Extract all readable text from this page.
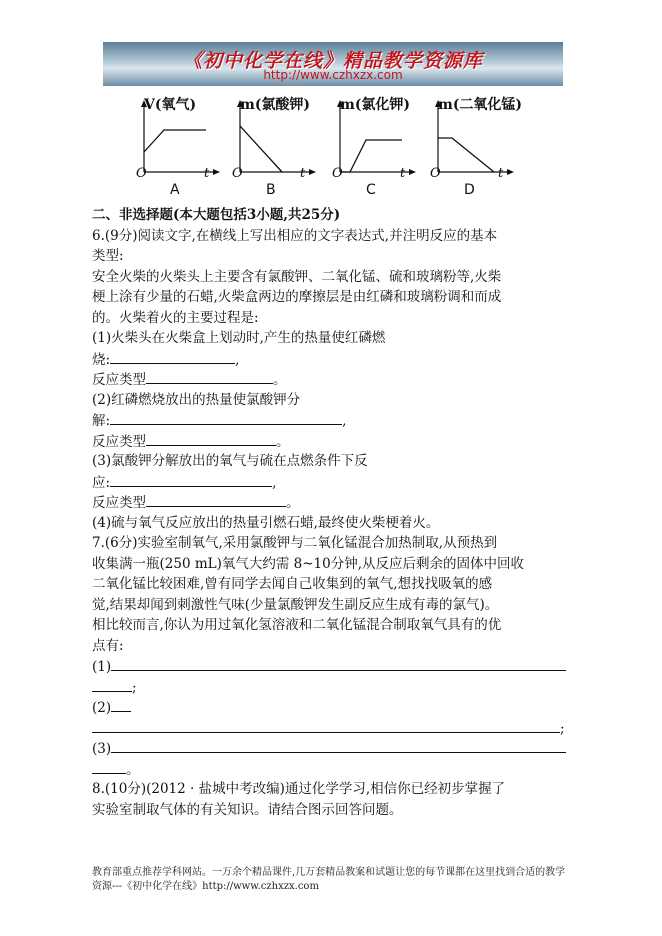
《初中化学在线》精品教学资源库
http://www.czhxzx.com
V(氧气)
O	t
A
m(氯酸钾)
O	t
B
m(氯化钾)
O	t
C
m(二氧化锰)
O	t
D
二、非选择题(本大题包括3小题,共25分)
6.(9分)阅读文字,在横线上写出相应的文字表达式,并注明反应的基本
类型:
安全火柴的火柴头上主要含有氯酸钾、二氧化锰、硫和玻璃粉等,火柴
梗上涂有少量的石蜡,火柴盒两边的摩擦层是由红磷和玻璃粉调和而成
的。火柴着火的主要过程是:
(1)火柴头在火柴盒上划动时,产生的热量使红磷燃
烧:	,
反应类型	。
(2)红磷燃烧放出的热量使氯酸钾分
解:	,
反应类型	。
(3)氯酸钾分解放出的氧气与硫在点燃条件下反
应:	,
反应类型	。
(4)硫与氧气反应放出的热量引燃石蜡,最终使火柴梗着火。
7.(6分)实验室制氧气,采用氯酸钾与二氧化锰混合加热制取,从预热到
收集满一瓶(250 mL)氧气大约需 8~10分钟,从反应后剩余的固体中回收
二氧化锰比较困难,曾有同学去闻自己收集到的氧气,想找找吸氧的感
觉,结果却闻到刺激性气味(少量氯酸钾发生副反应生成有毒的氯气)。
相比较而言,你认为用过氧化氢溶液和二氧化锰混合制取氧气具有的优
点有:
(1)
;
(2)
;
(3)
。
8.(10分)(2012 · 盐城中考改编)通过化学学习,相信你已经初步掌握了
实验室制取气体的有关知识。请结合图示回答问题。
教育部重点推荐学科网站。一万余个精品课件,几万套精品教案和试题让您的每节课都在这里找到合适的教学
资源---《初中化学在线》http://www.czhxzx.com
